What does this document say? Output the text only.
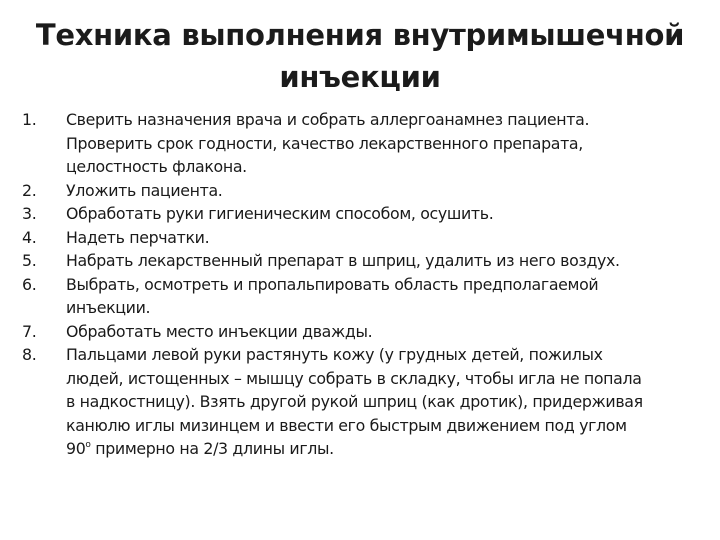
Техника выполнения внутримышечной
инъекции
1.	Сверить назначения врача и собрать аллергоанамнез пациента.
Проверить срок годности, качество лекарственного препарата,
целостность флакона.
2.	Уложить пациента.
3.	Обработать руки гигиеническим способом, осушить.
4.	Надеть перчатки.
5.	Набрать лекарственный препарат в шприц, удалить из него воздух.
6.	Выбрать, осмотреть и пропальпировать область предполагаемой
инъекции.
7.	Обработать место инъекции дважды.
8.	Пальцами левой руки растянуть кожу (у грудных детей, пожилых
людей, истощенных – мышцу собрать в складку, чтобы игла не попала
в надкостницу). Взять другой рукой шприц (как дротик), придерживая
канюлю иглы мизинцем и ввести его быстрым движением под углом
$90^о$ примерно на 2/3 длины иглы.
